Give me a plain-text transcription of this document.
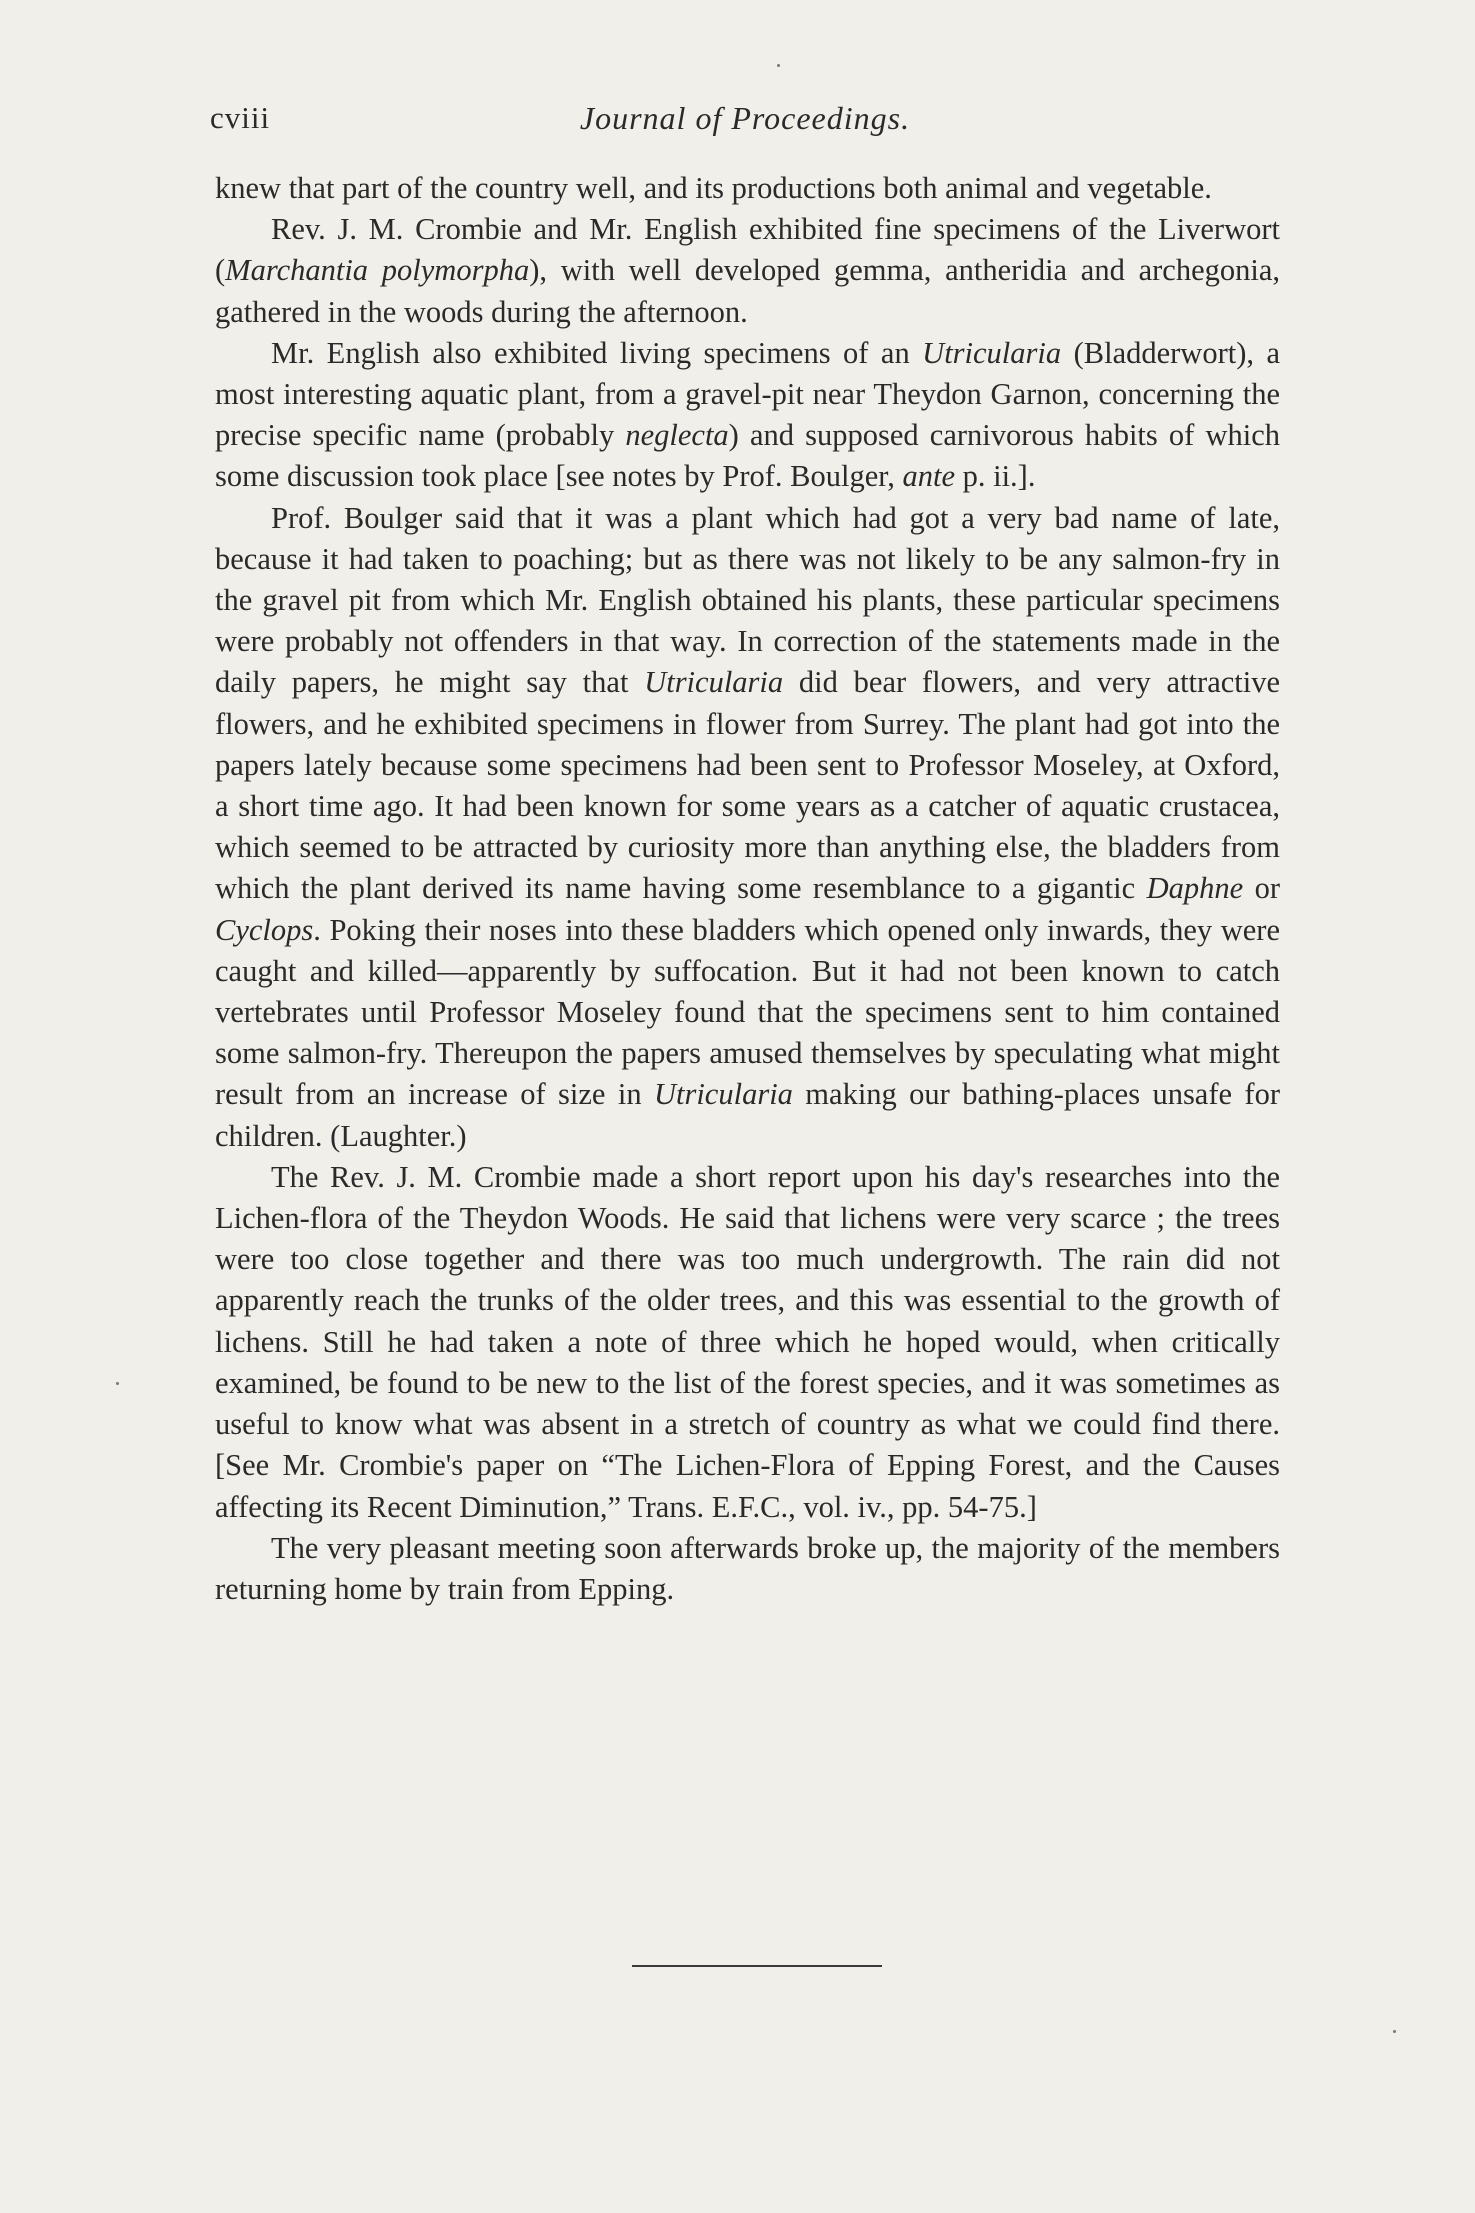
cviii	Journal of Proceedings.

knew that part of the country well, and its productions both animal and vegetable.

Rev. J. M. Crombie and Mr. English exhibited fine specimens of the Liverwort (Marchantia polymorpha), with well developed gemma, antheridia and archegonia, gathered in the woods during the afternoon.

Mr. English also exhibited living specimens of an Utricularia (Bladderwort), a most interesting aquatic plant, from a gravel-pit near Theydon Garnon, concerning the precise specific name (probably neglecta) and supposed carnivorous habits of which some discussion took place [see notes by Prof. Boulger, ante p. ii.].

Prof. Boulger said that it was a plant which had got a very bad name of late, because it had taken to poaching; but as there was not likely to be any salmon-fry in the gravel pit from which Mr. English obtained his plants, these particular specimens were probably not offenders in that way. In correction of the statements made in the daily papers, he might say that Utricularia did bear flowers, and very attractive flowers, and he exhibited specimens in flower from Surrey. The plant had got into the papers lately because some specimens had been sent to Professor Moseley, at Oxford, a short time ago. It had been known for some years as a catcher of aquatic crustacea, which seemed to be attracted by curiosity more than anything else, the bladders from which the plant derived its name having some resemblance to a gigantic Daphne or Cyclops. Poking their noses into these bladders which opened only inwards, they were caught and killed—apparently by suffocation. But it had not been known to catch vertebrates until Professor Moseley found that the specimens sent to him contained some salmon-fry. Thereupon the papers amused themselves by speculating what might result from an increase of size in Utricularia making our bathing-places unsafe for children. (Laughter.)

The Rev. J. M. Crombie made a short report upon his day's researches into the Lichen-flora of the Theydon Woods. He said that lichens were very scarce ; the trees were too close together and there was too much undergrowth. The rain did not apparently reach the trunks of the older trees, and this was essential to the growth of lichens. Still he had taken a note of three which he hoped would, when critically examined, be found to be new to the list of the forest species, and it was sometimes as useful to know what was absent in a stretch of country as what we could find there. [See Mr. Crombie's paper on “The Lichen-Flora of Epping Forest, and the Causes affecting its Recent Diminution,” Trans. E.F.C., vol. iv., pp. 54-75.]

The very pleasant meeting soon afterwards broke up, the majority of the members returning home by train from Epping.
